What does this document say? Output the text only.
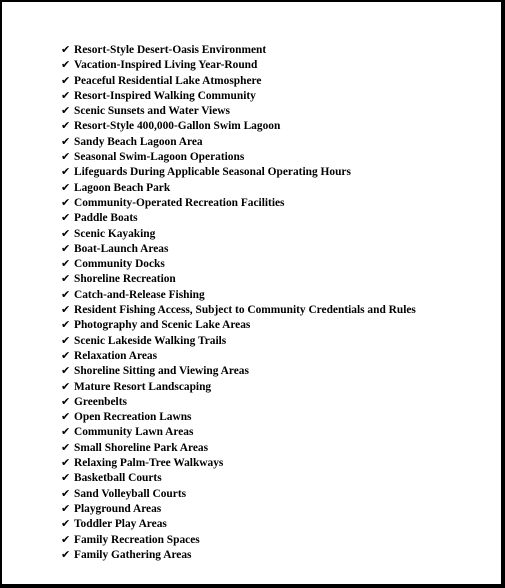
✔ Resort-Style Desert-Oasis Environment
✔ Vacation-Inspired Living Year-Round
✔ Peaceful Residential Lake Atmosphere
✔ Resort-Inspired Walking Community
✔ Scenic Sunsets and Water Views
✔ Resort-Style 400,000-Gallon Swim Lagoon
✔ Sandy Beach Lagoon Area
✔ Seasonal Swim-Lagoon Operations
✔ Lifeguards During Applicable Seasonal Operating Hours
✔ Lagoon Beach Park
✔ Community-Operated Recreation Facilities
✔ Paddle Boats
✔ Scenic Kayaking
✔ Boat-Launch Areas
✔ Community Docks
✔ Shoreline Recreation
✔ Catch-and-Release Fishing
✔ Resident Fishing Access, Subject to Community Credentials and Rules
✔ Photography and Scenic Lake Areas
✔ Scenic Lakeside Walking Trails
✔ Relaxation Areas
✔ Shoreline Sitting and Viewing Areas
✔ Mature Resort Landscaping
✔ Greenbelts
✔ Open Recreation Lawns
✔ Community Lawn Areas
✔ Small Shoreline Park Areas
✔ Relaxing Palm-Tree Walkways
✔ Basketball Courts
✔ Sand Volleyball Courts
✔ Playground Areas
✔ Toddler Play Areas
✔ Family Recreation Spaces
✔ Family Gathering Areas
